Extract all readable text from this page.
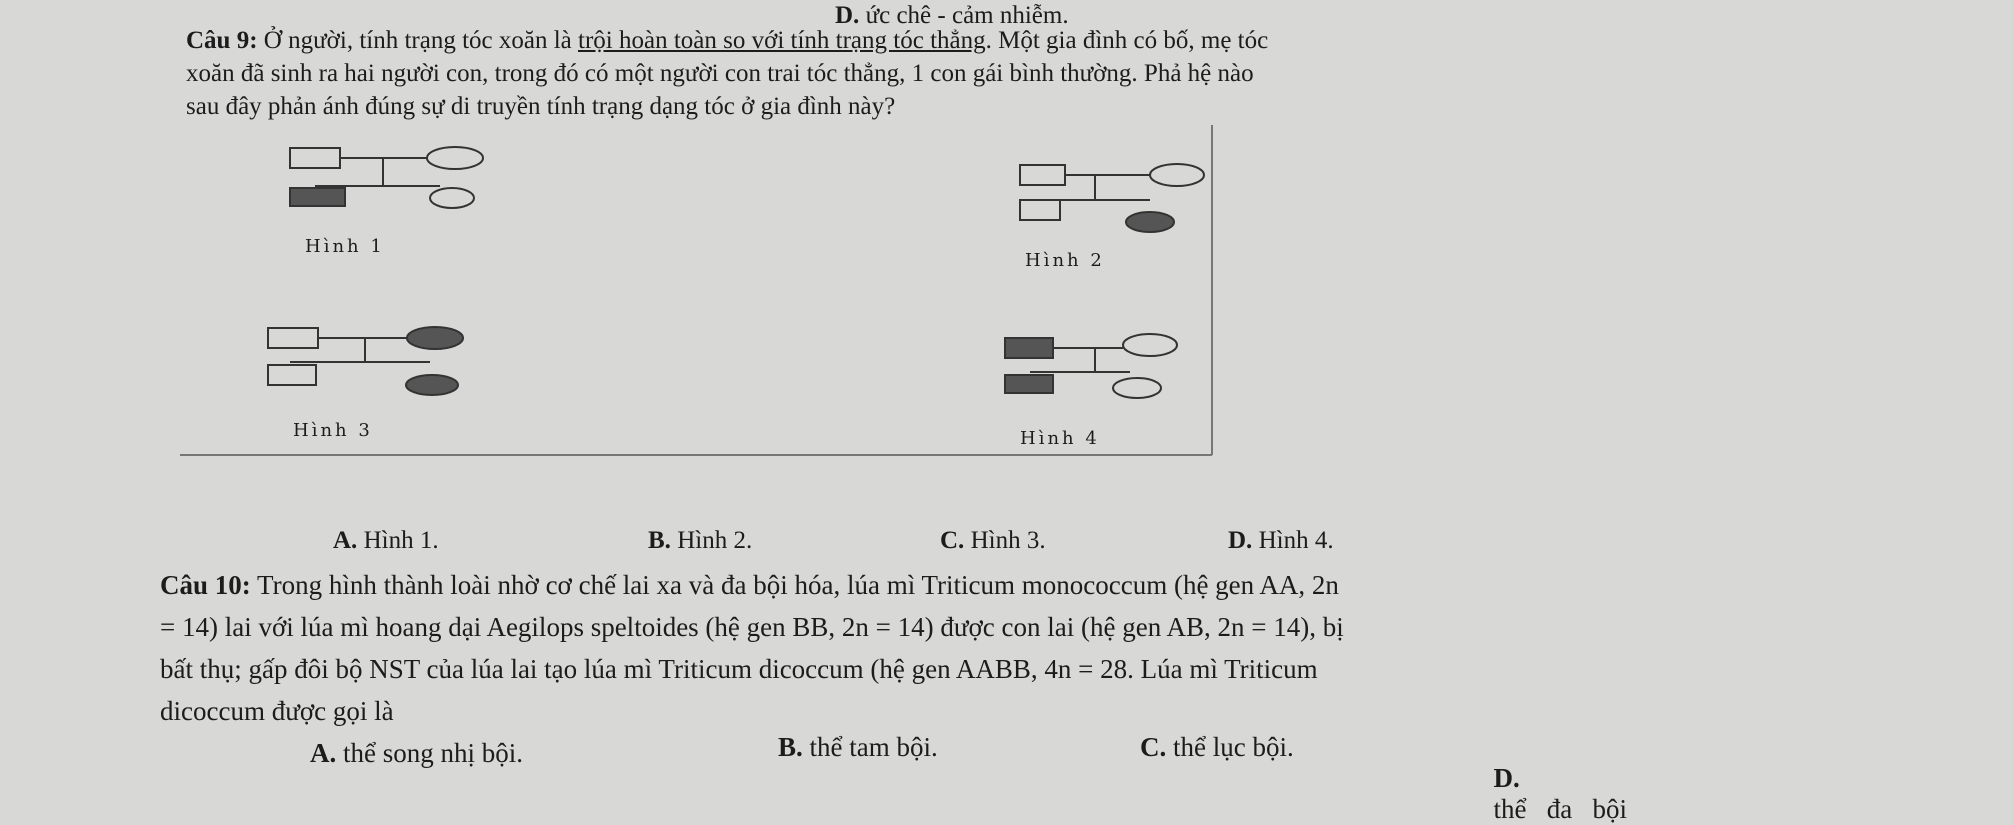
D. ức chê - cảm nhiễm.
Câu 9: Ở người, tính trạng tóc xoăn là trội hoàn toàn so với tính trạng tóc thẳng. Một gia đình có bố, mẹ tóc
xoăn đã sinh ra hai người con, trong đó có một người con trai tóc thẳng, 1 con gái bình thường. Phả hệ nào
sau đây phản ánh đúng sự di truyền tính trạng dạng tóc ở gia đình này?
Hình 1
Hình 2
Hình 3	Hình 4
A. Hình 1.	B. Hình 2.	C. Hình 3.	D. Hình 4.
Câu 10: Trong hình thành loài nhờ cơ chế lai xa và đa bội hóa, lúa mì Triticum monococcum (hệ gen AA, 2n
= 14) lai với lúa mì hoang dại Aegilops speltoides (hệ gen BB, 2n = 14) được con lai (hệ gen AB, 2n = 14), bị
bất thụ; gấp đôi bộ NST của lúa lai tạo lúa mì Triticum dicoccum (hệ gen AABB, 4n = 28. Lúa mì Triticum
dicoccum được gọi là
A. thể song nhị bội.	B. thể tam bội.	C. thể lục bội.

D.
thể   đa   bội
